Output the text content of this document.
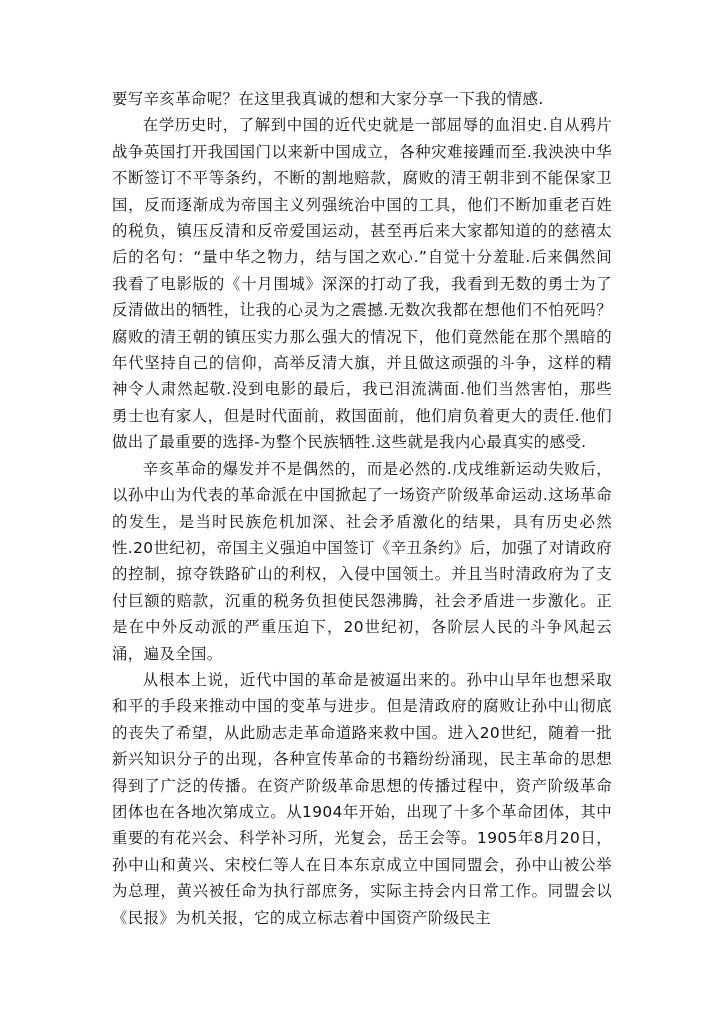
要写辛亥革命呢？在这里我真诚的想和大家分享一下我的情感.

在学历史时，了解到中国的近代史就是一部屈辱的血泪史.自从鸦片战争英国打开我国国门以来新中国成立，各种灾难接踵而至.我泱泱中华不断签订不平等条约，不断的割地赔款，腐败的清王朝非到不能保家卫国，反而逐渐成为帝国主义列强统治中国的工具，他们不断加重老百姓的税负，镇压反清和反帝爱国运动，甚至再后来大家都知道的的慈禧太后的名句：“量中华之物力，结与国之欢心.”自觉十分羞耻.后来偶然间我看了电影版的《十月围城》深深的打动了我，我看到无数的勇士为了反清做出的牺牲，让我的心灵为之震撼.无数次我都在想他们不怕死吗？腐败的清王朝的镇压实力那么强大的情况下，他们竟然能在那个黑暗的年代坚持自己的信仰，高举反清大旗，并且做这顽强的斗争，这样的精神令人肃然起敬.没到电影的最后，我已泪流满面.他们当然害怕，那些勇士也有家人，但是时代面前，救国面前，他们肩负着更大的责任.他们做出了最重要的选择-为整个民族牺牲.这些就是我内心最真实的感受.

辛亥革命的爆发并不是偶然的，而是必然的.戊戌维新运动失败后，以孙中山为代表的革命派在中国掀起了一场资产阶级革命运动.这场革命的发生，是当时民族危机加深、社会矛盾激化的结果，具有历史必然性.20世纪初，帝国主义强迫中国签订《辛丑条约》后，加强了对请政府的控制，掠夺铁路矿山的利权，入侵中国领土。并且当时清政府为了支付巨额的赔款，沉重的税务负担使民怨沸腾，社会矛盾进一步激化。正是在中外反动派的严重压迫下，20世纪初，各阶层人民的斗争风起云涌，遍及全国。

从根本上说，近代中国的革命是被逼出来的。孙中山早年也想采取和平的手段来推动中国的变革与进步。但是清政府的腐败让孙中山彻底的丧失了希望，从此励志走革命道路来救中国。进入20世纪，随着一批新兴知识分子的出现，各种宣传革命的书籍纷纷涌现，民主革命的思想得到了广泛的传播。在资产阶级革命思想的传播过程中，资产阶级革命团体也在各地次第成立。从1904年开始，出现了十多个革命团体，其中重要的有花兴会、科学补习所，光复会，岳王会等。1905年8月20日，孙中山和黄兴、宋校仁等人在日本东京成立中国同盟会，孙中山被公举为总理，黄兴被任命为执行部庶务，实际主持会内日常工作。同盟会以《民报》为机关报，它的成立标志着中国资产阶级民主
